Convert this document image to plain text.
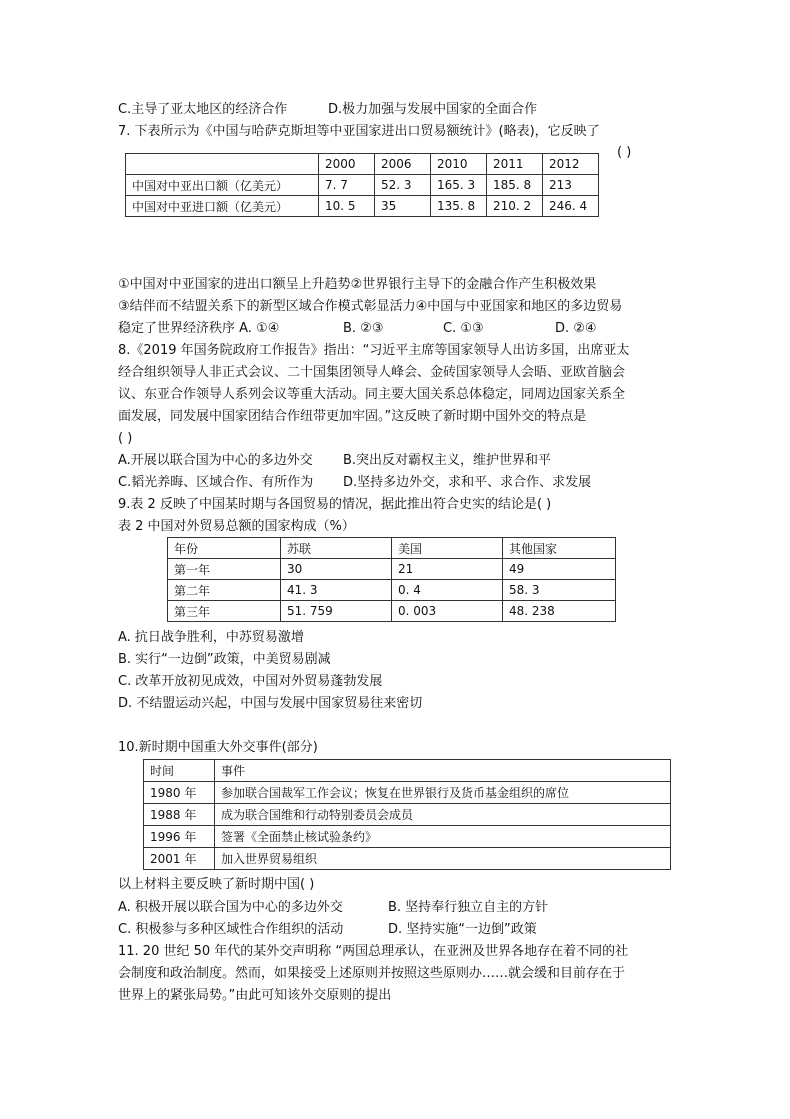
C.主导了亚太地区的经济合作	D.极力加强与发展中国家的全面合作
7. 下表所示为《中国与哈萨克斯坦等中亚国家进出口贸易额统计》(略表)，它反映了
( )
	2000	2006	2010	2011	2012
中国对中亚出口额（亿美元）	7. 7	52. 3	165. 3	185. 8	213
中国对中亚进口额（亿美元）	10. 5	35	135. 8	210. 2	246. 4
①中国对中亚国家的进出口额呈上升趋势②世界银行主导下的金融合作产生积极效果
③结伴而不结盟关系下的新型区域合作模式彰显活力④中国与中亚国家和地区的多边贸易
稳定了世界经济秩序 A. ①④	B. ②③	C. ①③	D. ②④
8.《2019 年国务院政府工作报告》指出：“习近平主席等国家领导人出访多国，出席亚太
经合组织领导人非正式会议、二十国集团领导人峰会、金砖国家领导人会晤、亚欧首脑会
议、东亚合作领导人系列会议等重大活动。同主要大国关系总体稳定，同周边国家关系全
面发展，同发展中国家团结合作纽带更加牢固。”这反映了新时期中国外交的特点是
( )
A.开展以联合国为中心的多边外交	B.突出反对霸权主义，维护世界和平
C.韬光养晦、区域合作、有所作为	D.坚持多边外交，求和平、求合作、求发展
9.表 2 反映了中国某时期与各国贸易的情况，据此推出符合史实的结论是( )
表 2 中国对外贸易总额的国家构成（%）
年份	苏联	美国	其他国家
第一年	30	21	49
第二年	41. 3	0. 4	58. 3
第三年	51. 759	0. 003	48. 238
A. 抗日战争胜利，中苏贸易激增
B. 实行“一边倒”政策，中美贸易剧减
C. 改革开放初见成效，中国对外贸易蓬勃发展
D. 不结盟运动兴起，中国与发展中国家贸易往来密切
10.新时期中国重大外交事件(部分)
时间	事件
1980 年	参加联合国裁军工作会议；恢复在世界银行及货币基金组织的席位
1988 年	成为联合国维和行动特别委员会成员
1996 年	签署《全面禁止核试验条约》
2001 年	加入世界贸易组织
以上材料主要反映了新时期中国( )
A. 积极开展以联合国为中心的多边外交	B. 坚持奉行独立自主的方针
C. 积极参与多种区域性合作组织的活动	D. 坚持实施“一边倒”政策
11. 20 世纪 50 年代的某外交声明称 “两国总理承认，在亚洲及世界各地存在着不同的社
会制度和政治制度。然而，如果接受上述原则并按照这些原则办……就会缓和目前存在于
世界上的紧张局势。”由此可知该外交原则的提出
